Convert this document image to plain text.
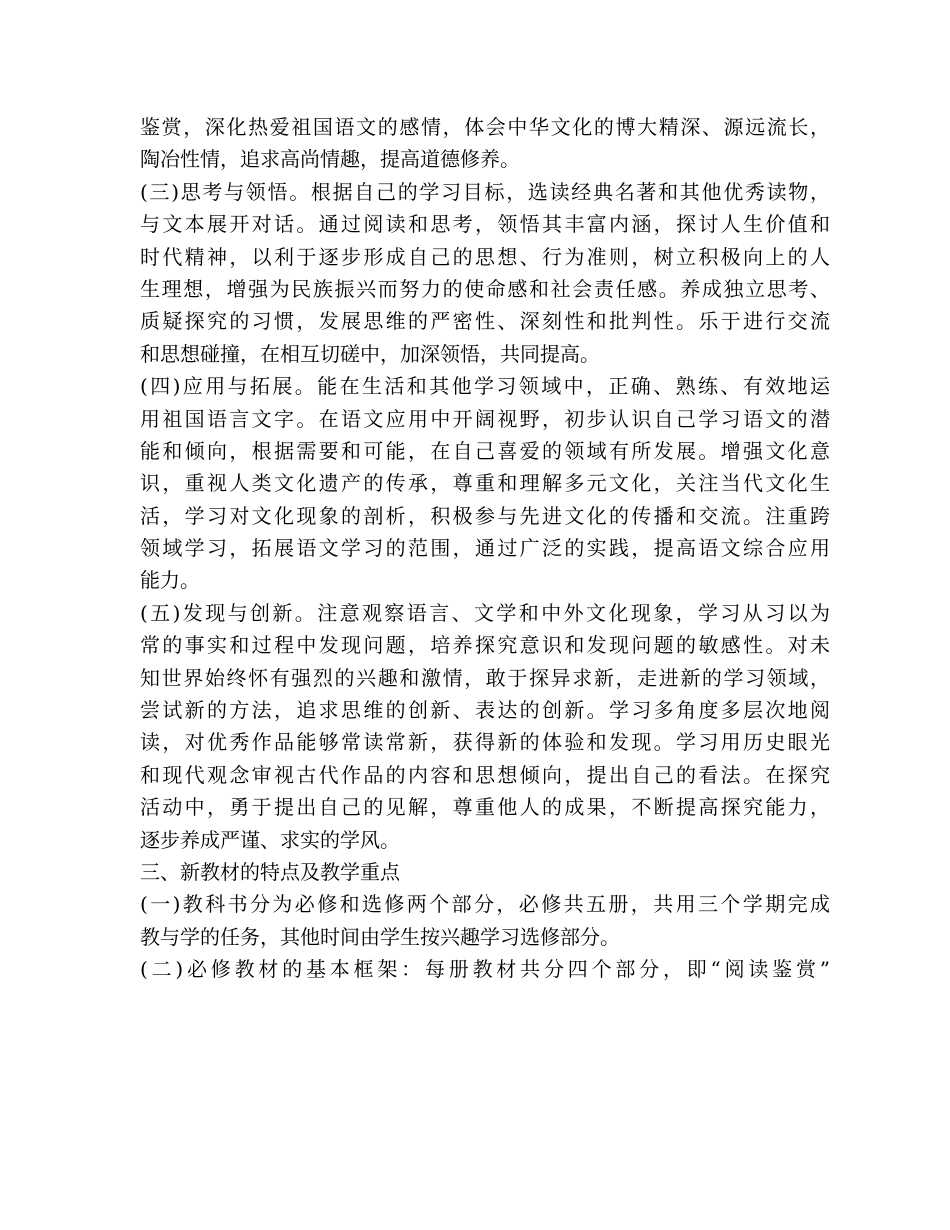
鉴赏，深化热爱祖国语文的感情，体会中华文化的博大精深、源远流长，
陶冶性情，追求高尚情趣，提高道德修养。
(三)思考与领悟。根据自己的学习目标，选读经典名著和其他优秀读物，
与文本展开对话。通过阅读和思考，领悟其丰富内涵，探讨人生价值和
时代精神，以利于逐步形成自己的思想、行为准则，树立积极向上的人
生理想，增强为民族振兴而努力的使命感和社会责任感。养成独立思考、
质疑探究的习惯，发展思维的严密性、深刻性和批判性。乐于进行交流
和思想碰撞，在相互切磋中，加深领悟，共同提高。
(四)应用与拓展。能在生活和其他学习领域中，正确、熟练、有效地运
用祖国语言文字。在语文应用中开阔视野，初步认识自己学习语文的潜
能和倾向，根据需要和可能，在自己喜爱的领域有所发展。增强文化意
识，重视人类文化遗产的传承，尊重和理解多元文化，关注当代文化生
活，学习对文化现象的剖析，积极参与先进文化的传播和交流。注重跨
领域学习，拓展语文学习的范围，通过广泛的实践，提高语文综合应用
能力。
(五)发现与创新。注意观察语言、文学和中外文化现象，学习从习以为
常的事实和过程中发现问题，培养探究意识和发现问题的敏感性。对未
知世界始终怀有强烈的兴趣和激情，敢于探异求新，走进新的学习领域，
尝试新的方法，追求思维的创新、表达的创新。学习多角度多层次地阅
读，对优秀作品能够常读常新，获得新的体验和发现。学习用历史眼光
和现代观念审视古代作品的内容和思想倾向，提出自己的看法。在探究
活动中，勇于提出自己的见解，尊重他人的成果，不断提高探究能力，
逐步养成严谨、求实的学风。
三、新教材的特点及教学重点
(一)教科书分为必修和选修两个部分，必修共五册，共用三个学期完成
教与学的任务，其他时间由学生按兴趣学习选修部分。
(二)必修教材的基本框架：每册教材共分四个部分，即“阅读鉴赏”
